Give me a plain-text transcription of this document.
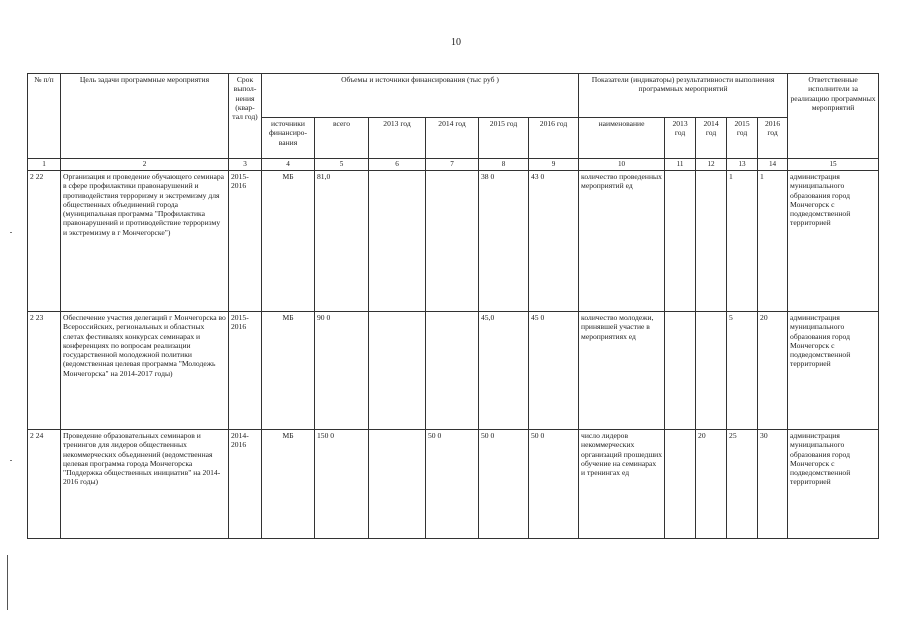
10
№ п/п	Цель задачи программные мероприятия	Срок выпол-нения (квар-тал год)	Объемы и источники финансирования (тыс руб )						Показатели (индикаторы) результативности выполнения программных мероприятий					Ответственные исполнители за реализацию программных мероприятий
			источники финансиро-вания	всего	2013 год	2014 год	2015 год	2016 год	наименование	2013 год	2014 год	2015 год	2016 год	
1	2	3	4	5	6	7	8	9	10	11	12	13	14	15
2 22	Организация и проведение обучающего семинара в сфере профилактики правонарушений и противодействия терроризму и экстремизму для общественных объединений города (муниципальная программа "Профилактика правонарушений и противодействие терроризму и экстремизму в г Мончегорске")	2015-2016	МБ	81,0			38 0	43 0	количество проведенных мероприятий ед			1	1	администрация муниципального образования город Мончегорск с подведомственной территорией
2 23	Обеспечение участия делегаций г Мончегорска во Всероссийских, региональных и областных слетах фестивалях конкурсах семинарах и конференциях по вопросам реализации государственной молодежной политики (ведомственная целевая программа "Молодежь Мончегорска" на 2014-2017 годы)	2015-2016	МБ	90 0			45,0	45 0	количество молодежи, принявшей участие в мероприятиях ед			5	20	администрация муниципального образования город Мончегорск с подведомственной территорией
2 24	Проведение образовательных семинаров и тренингов для лидеров общественных некоммерческих объединений (ведомственная целевая программа города Мончегорска "Поддержка общественных инициатив" на 2014-2016 годы)	2014-2016	МБ	150 0		50 0	50 0	50 0	число лидеров некоммерческих организаций прошедших обучение на семинарах и тренингах ед		20	25	30	администрация муниципального образования город Мончегорск с подведомственной территорией
